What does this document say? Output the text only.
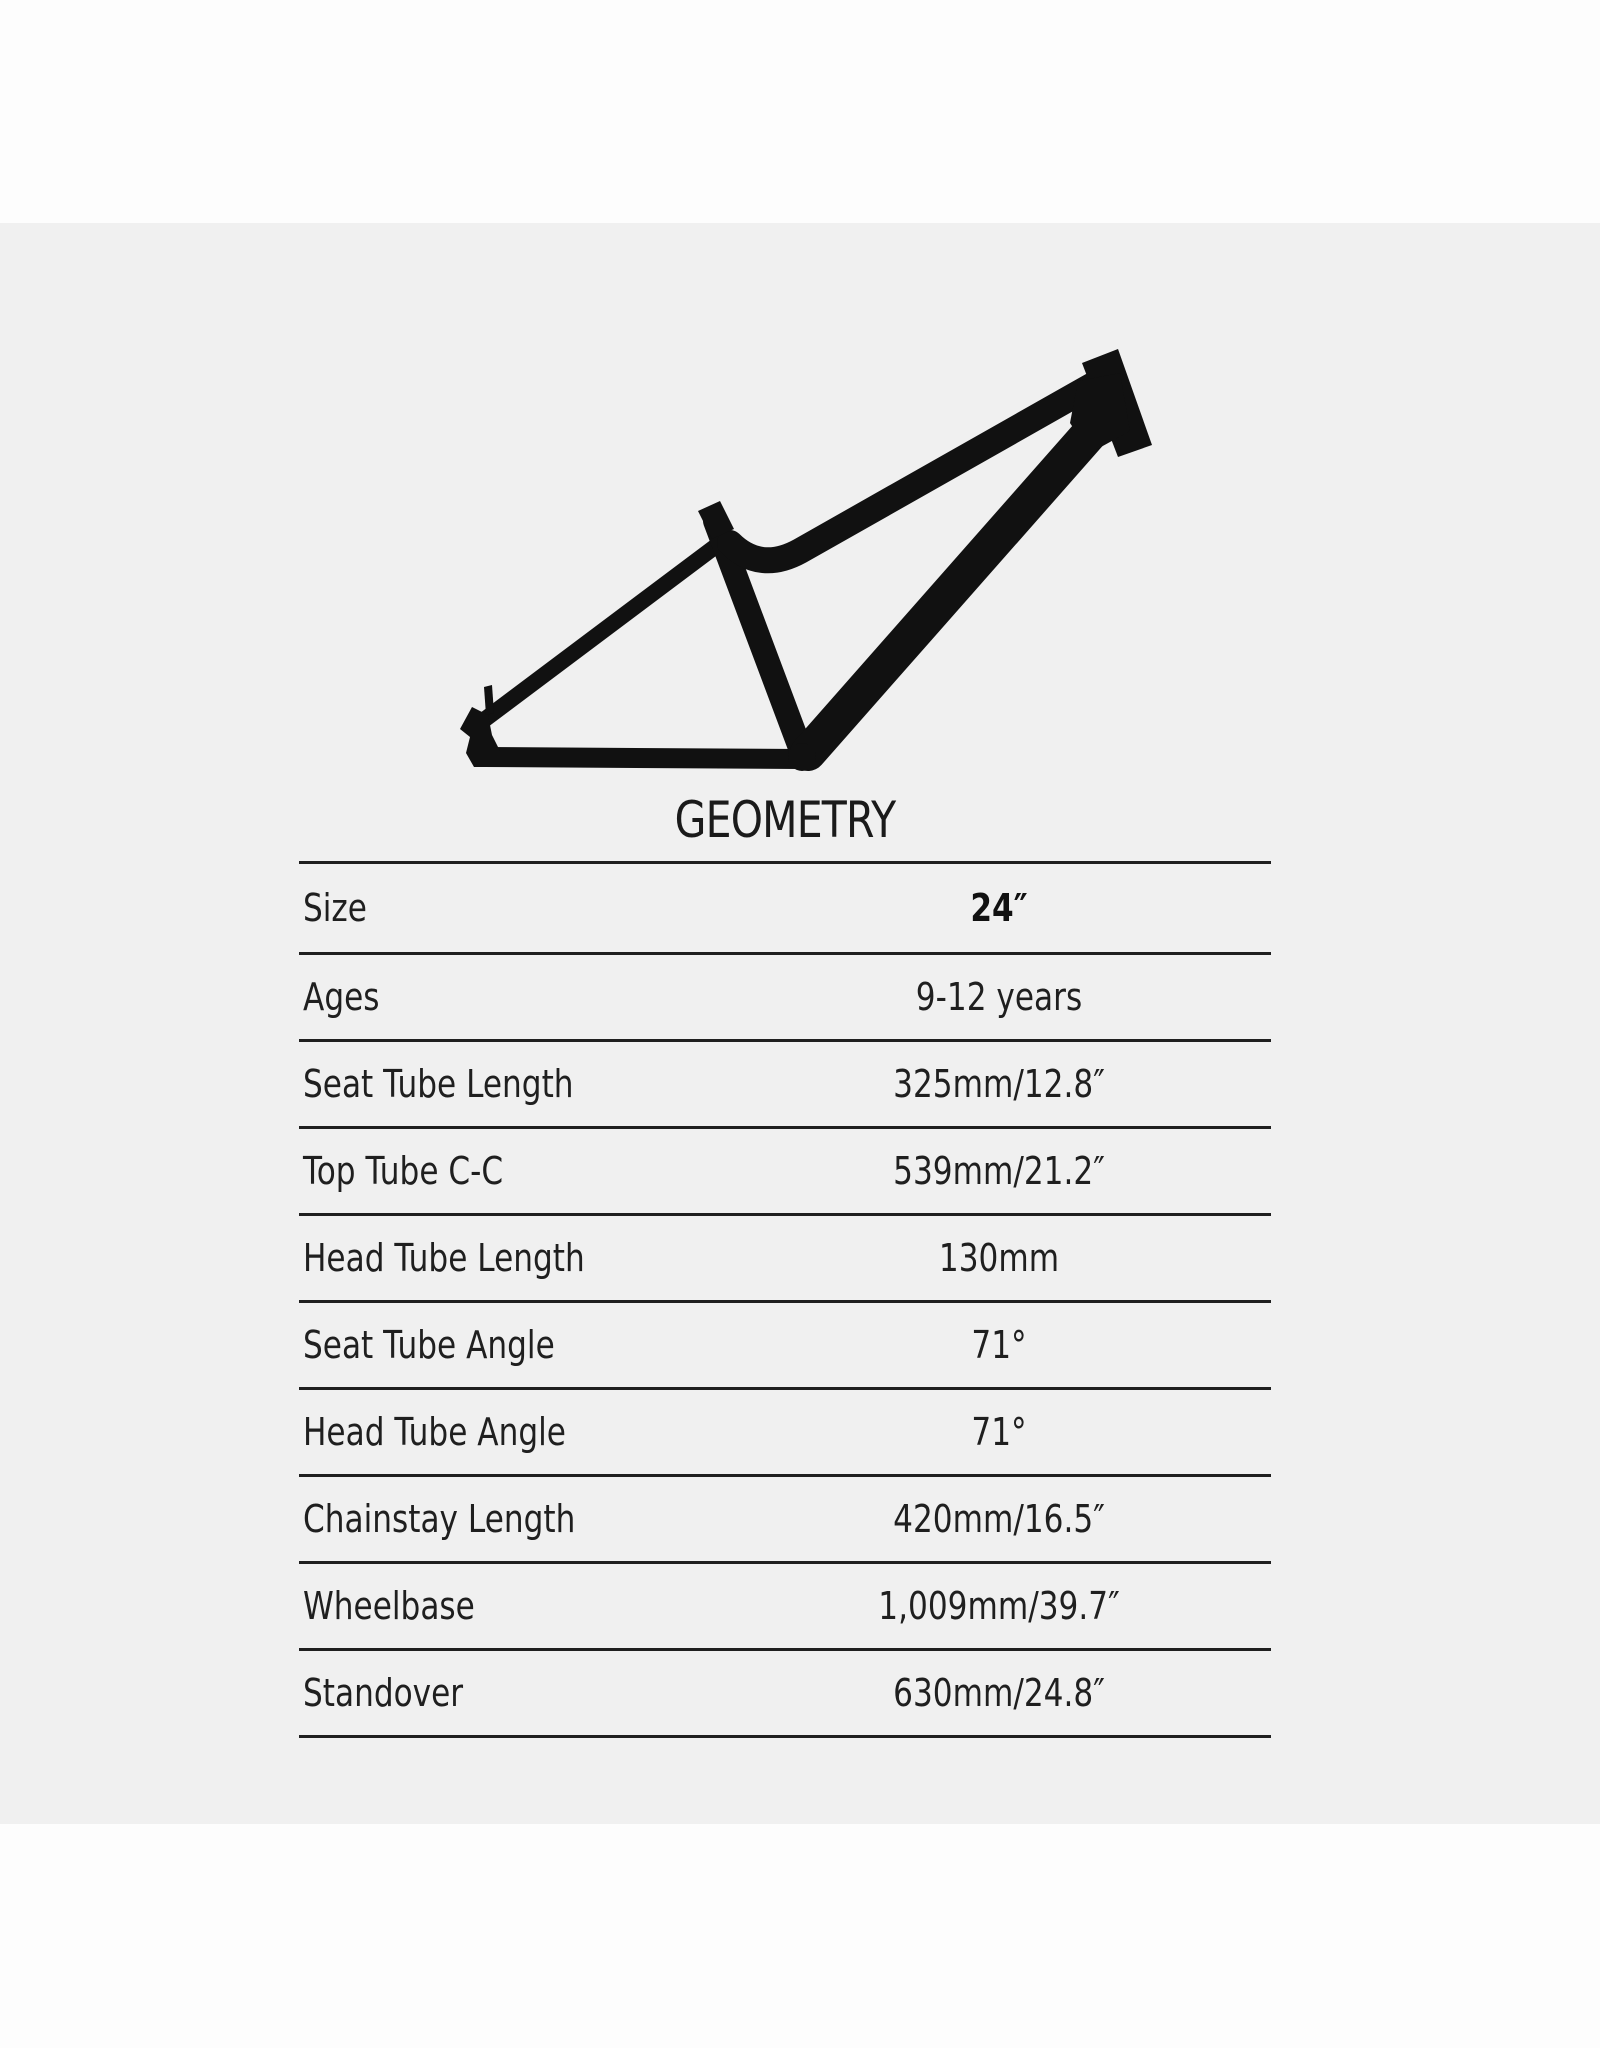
GEOMETRY
Size	24″
Ages	9-12 years
Seat Tube Length	325mm/12.8″
Top Tube C-C	539mm/21.2″
Head Tube Length	130mm
Seat Tube Angle	71°
Head Tube Angle	71°
Chainstay Length	420mm/16.5″
Wheelbase	1,009mm/39.7″
Standover	630mm/24.8″
